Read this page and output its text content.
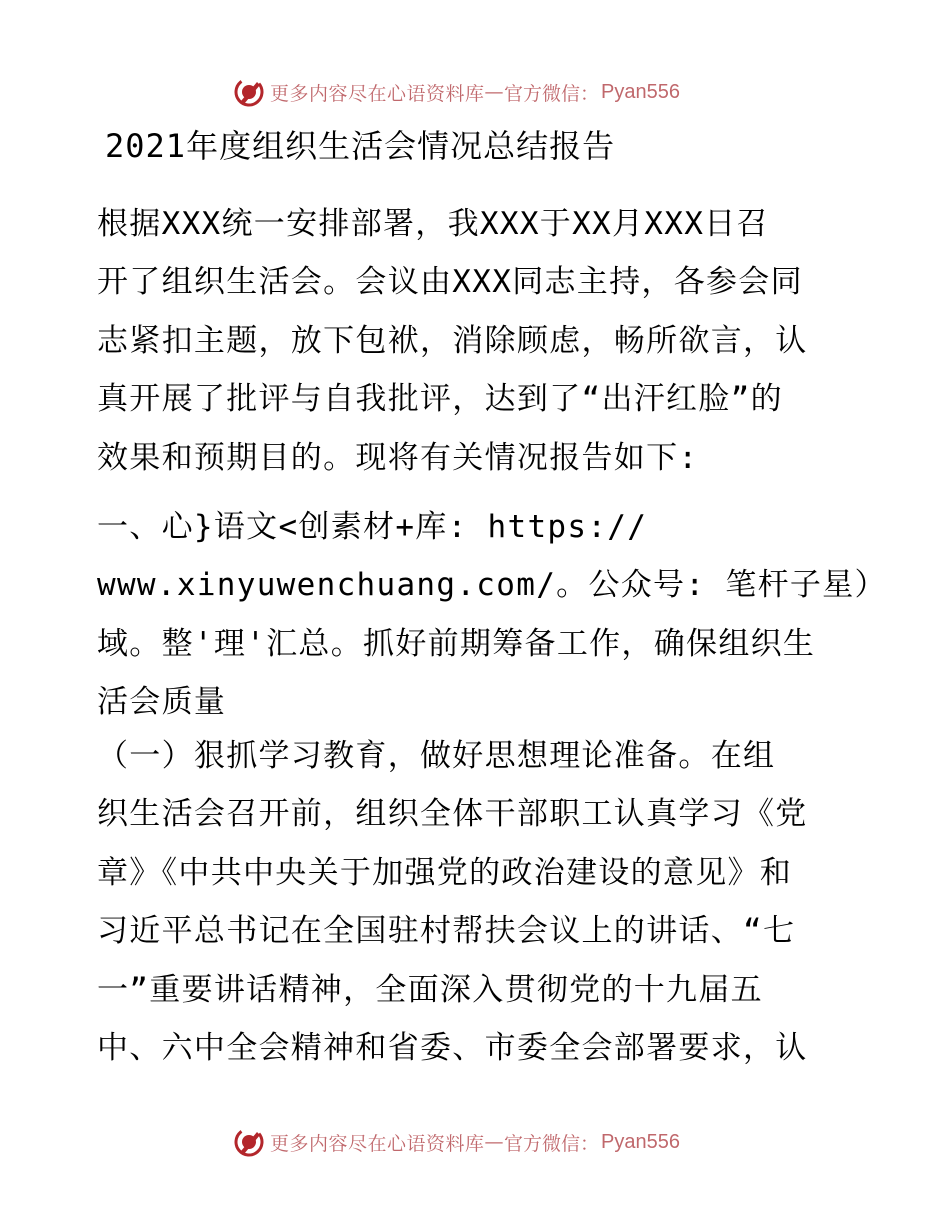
更多内容尽在心语资料库 — 官方微信： Pyan556
2021年度组织生活会情况总结报告

根据XXX统一安排部署，我XXX于XX月XXX日召
开了组织生活会。会议由XXX同志主持，各参会同
志紧扣主题，放下包袱，消除顾虑，畅所欲言，认
真开展了批评与自我批评，达到了“出汗红脸”的
效果和预期目的。现将有关情况报告如下:

一、心}语文<创素材+库: https://
www.xinyuwenchuang.com/。公众号: 笔杆子星）
域。整'理'汇总。抓好前期筹备工作，确保组织生
活会质量

（一）狠抓学习教育，做好思想理论准备。在组
织生活会召开前，组织全体干部职工认真学习《党
章》《中共中央关于加强党的政治建设的意见》和
习近平总书记在全国驻村帮扶会议上的讲话、“七
一”重要讲话精神，全面深入贯彻党的十九届五
中、六中全会精神和省委、市委全会部署要求，认

更多内容尽在心语资料库 — 官方微信： Pyan556
